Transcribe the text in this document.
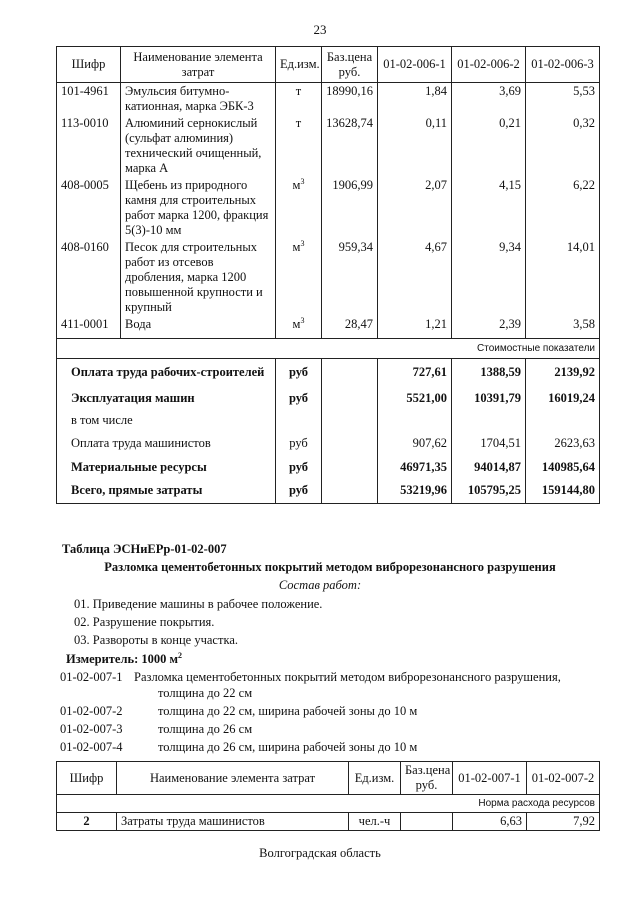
23
Шифр	Наименование элемента затрат	Ед.изм.	Баз.цена руб.	01-02-006-1	01-02-006-2	01-02-006-3
101-4961	Эмульсия битумно-катионная, марка ЭБК-3	т	18990,16	1,84	3,69	5,53
113-0010	Алюминий сернокислый (сульфат алюминия) технический очищенный, марка А	т	13628,74	0,11	0,21	0,32
408-0005	Щебень из природного камня для строительных работ марка 1200, фракция 5(3)-10 мм	$м^3$	1906,99	2,07	4,15	6,22
408-0160	Песок для строительных работ из отсевов дробления, марка 1200 повышенной крупности и крупный	$м^3$	959,34	4,67	9,34	14,01
411-0001	Вода	$м^3$	28,47	1,21	2,39	3,58
Стоимостные показатели						
Оплата труда рабочих-строителей		руб		727,61	1388,59	2139,92
Эксплуатация машин		руб		5521,00	10391,79	16019,24
в том числе						
Оплата труда машинистов		руб		907,62	1704,51	2623,63
Материальные ресурсы		руб		46971,35	94014,87	140985,64
Всего, прямые затраты		руб		53219,96	105795,25	159144,80
Таблица ЭСНиЕРр-01-02-007
Разломка цементобетонных покрытий методом виброрезонансного разрушения
Состав работ:
01. Приведение машины в рабочее положение.
02. Разрушение покрытия.
03. Развороты в конце участка.
Измеритель: 1000 $м^2$
01-02-007-1 Разломка цементобетонных покрытий методом виброрезонансного разрушения,
толщина до 22 см
01-02-007-2	толщина до 22 см, ширина рабочей зоны до 10 м
01-02-007-3	толщина до 26 см
01-02-007-4	толщина до 26 см, ширина рабочей зоны до 10 м
Шифр	Наименование элемента затрат	Ед.изм.	Баз.цена руб.	01-02-007-1	01-02-007-2
Норма расхода ресурсов					
2	Затраты труда машинистов	чел.-ч		6,63	7,92
Волгоградская область
